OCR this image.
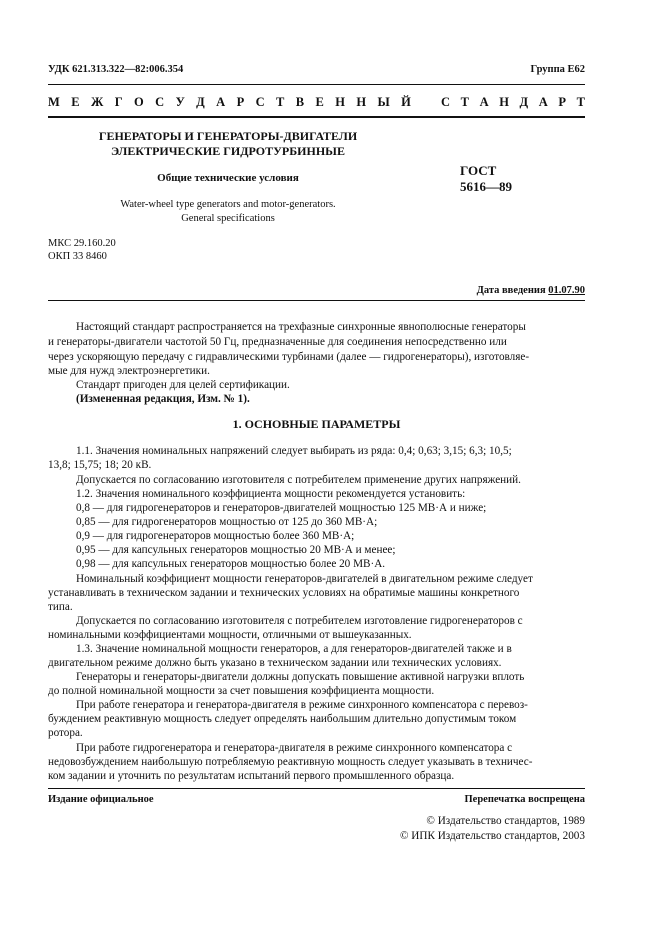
УДК 621.313.322—82:006.354	Группа Е62
М Е Ж Г О С У Д А Р С Т В Е Н Н Ы Й С Т А Н Д А Р Т
ГЕНЕРАТОРЫ И ГЕНЕРАТОРЫ-ДВИГАТЕЛИ
ЭЛЕКТРИЧЕСКИЕ ГИДРОТУРБИННЫЕ
Общие технические условия
Water-wheel type generators and motor-generators.
General specifications
ГОСТ
5616—89
МКС 29.160.20
ОКП 33 8460
Дата введения 01.07.90
Настоящий стандарт распространяется на трехфазные синхронные явнополюсные генераторы
и генераторы-двигатели частотой 50 Гц, предназначенные для соединения непосредственно или
через ускоряющую передачу с гидравлическими турбинами (далее — гидрогенераторы), изготовляе-
мые для нужд электроэнергетики.
Стандарт пригоден для целей сертификации.
(Измененная редакция, Изм. № 1).
1. ОСНОВНЫЕ ПАРАМЕТРЫ
1.1. Значения номинальных напряжений следует выбирать из ряда: 0,4; 0,63; 3,15; 6,3; 10,5;
13,8; 15,75; 18; 20 кВ.
Допускается по согласованию изготовителя с потребителем применение других напряжений.
1.2. Значения номинального коэффициента мощности рекомендуется установить:
0,8 — для гидрогенераторов и генераторов-двигателей мощностью 125 МВ·А и ниже;
0,85 — для гидрогенераторов мощностью от 125 до 360 МВ·А;
0,9 — для гидрогенераторов мощностью более 360 МВ·А;
0,95 — для капсульных генераторов мощностью 20 МВ·А и менее;
0,98 — для капсульных генераторов мощностью более 20 МВ·А.
Номинальный коэффициент мощности генераторов-двигателей в двигательном режиме следует
устанавливать в техническом задании и технических условиях на обратимые машины конкретного
типа.
Допускается по согласованию изготовителя с потребителем изготовление гидрогенераторов с
номинальными коэффициентами мощности, отличными от вышеуказанных.
1.3. Значение номинальной мощности генераторов, а для генераторов-двигателей также и в
двигательном режиме должно быть указано в техническом задании или технических условиях.
Генераторы и генераторы-двигатели должны допускать повышение активной нагрузки вплоть
до полной номинальной мощности за счет повышения коэффициента мощности.
При работе генератора и генератора-двигателя в режиме синхронного компенсатора с перевоз-
буждением реактивную мощность следует определять наибольшим длительно допустимым током
ротора.
При работе гидрогенератора и генератора-двигателя в режиме синхронного компенсатора с
недовозбуждением наибольшую потребляемую реактивную мощность следует указывать в техничес-
ком задании и уточнить по результатам испытаний первого промышленного образца.
Издание официальное	Перепечатка воспрещена
© Издательство стандартов, 1989
© ИПК Издательство стандартов, 2003
